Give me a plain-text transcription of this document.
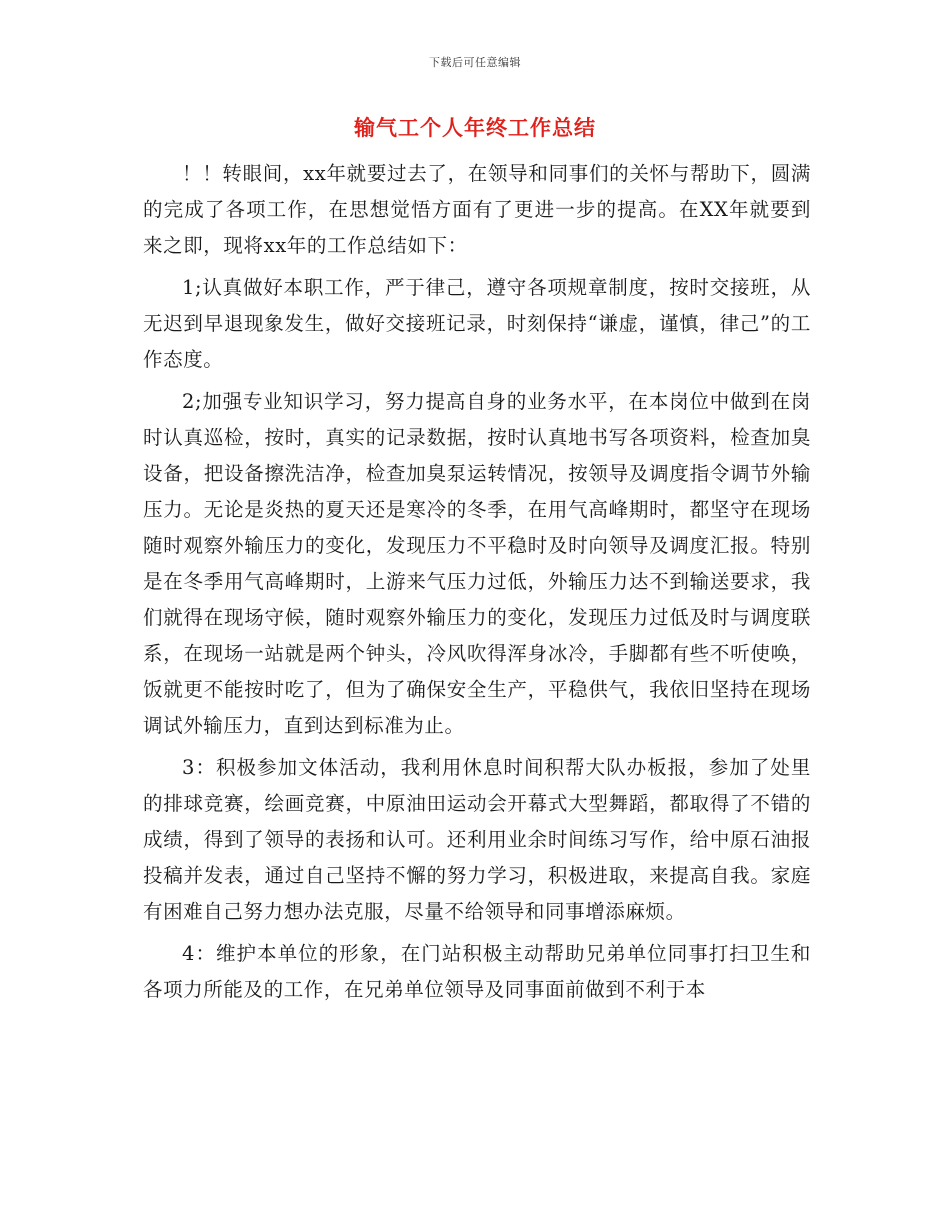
下载后可任意编辑
输气工个人年终工作总结

！！转眼间，xx年就要过去了，在领导和同事们的关怀与帮助下，圆满的完成了各项工作，在思想觉悟方面有了更进一步的提高。在XX年就要到来之即，现将xx年的工作总结如下：

1;认真做好本职工作，严于律己，遵守各项规章制度，按时交接班，从无迟到早退现象发生，做好交接班记录，时刻保持“谦虚，谨慎，律己”的工作态度。

2;加强专业知识学习，努力提高自身的业务水平，在本岗位中做到在岗时认真巡检，按时，真实的记录数据，按时认真地书写各项资料，检查加臭设备，把设备擦洗洁净，检查加臭泵运转情况，按领导及调度指令调节外输压力。无论是炎热的夏天还是寒冷的冬季，在用气高峰期时，都坚守在现场随时观察外输压力的变化，发现压力不平稳时及时向领导及调度汇报。特别是在冬季用气高峰期时，上游来气压力过低，外输压力达不到输送要求，我们就得在现场守候，随时观察外输压力的变化，发现压力过低及时与调度联系，在现场一站就是两个钟头，冷风吹得浑身冰冷，手脚都有些不听使唤，饭就更不能按时吃了，但为了确保安全生产，平稳供气，我依旧坚持在现场调试外输压力，直到达到标准为止。

3：积极参加文体活动，我利用休息时间积帮大队办板报，参加了处里的排球竞赛，绘画竞赛，中原油田运动会开幕式大型舞蹈，都取得了不错的成绩，得到了领导的表扬和认可。还利用业余时间练习写作，给中原石油报投稿并发表，通过自己坚持不懈的努力学习，积极进取，来提高自我。家庭有困难自己努力想办法克服，尽量不给领导和同事增添麻烦。

4：维护本单位的形象，在门站积极主动帮助兄弟单位同事打扫卫生和各项力所能及的工作，在兄弟单位领导及同事面前做到不利于本
